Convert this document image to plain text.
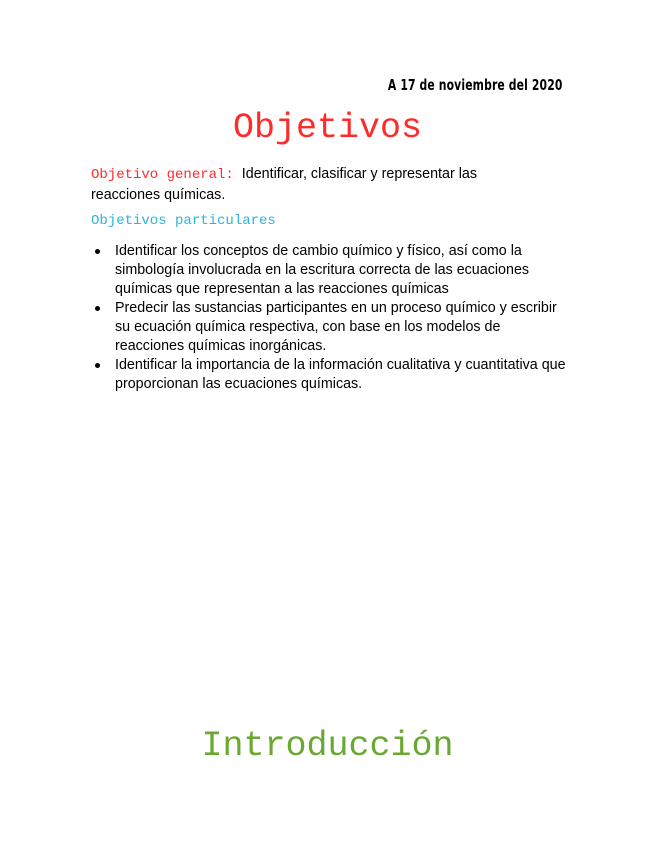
A 17 de noviembre del 2020
Objetivos
Objetivo general: Identificar, clasificar y representar las reacciones químicas.
Objetivos particulares
Identificar los conceptos de cambio químico y físico, así como la simbología involucrada en la escritura correcta de las ecuaciones químicas que representan a las reacciones químicas
Predecir las sustancias participantes en un proceso químico y escribir su ecuación química respectiva, con base en los modelos de reacciones químicas inorgánicas.
Identificar la importancia de la información cualitativa y cuantitativa que proporcionan las ecuaciones químicas.
Introducción
